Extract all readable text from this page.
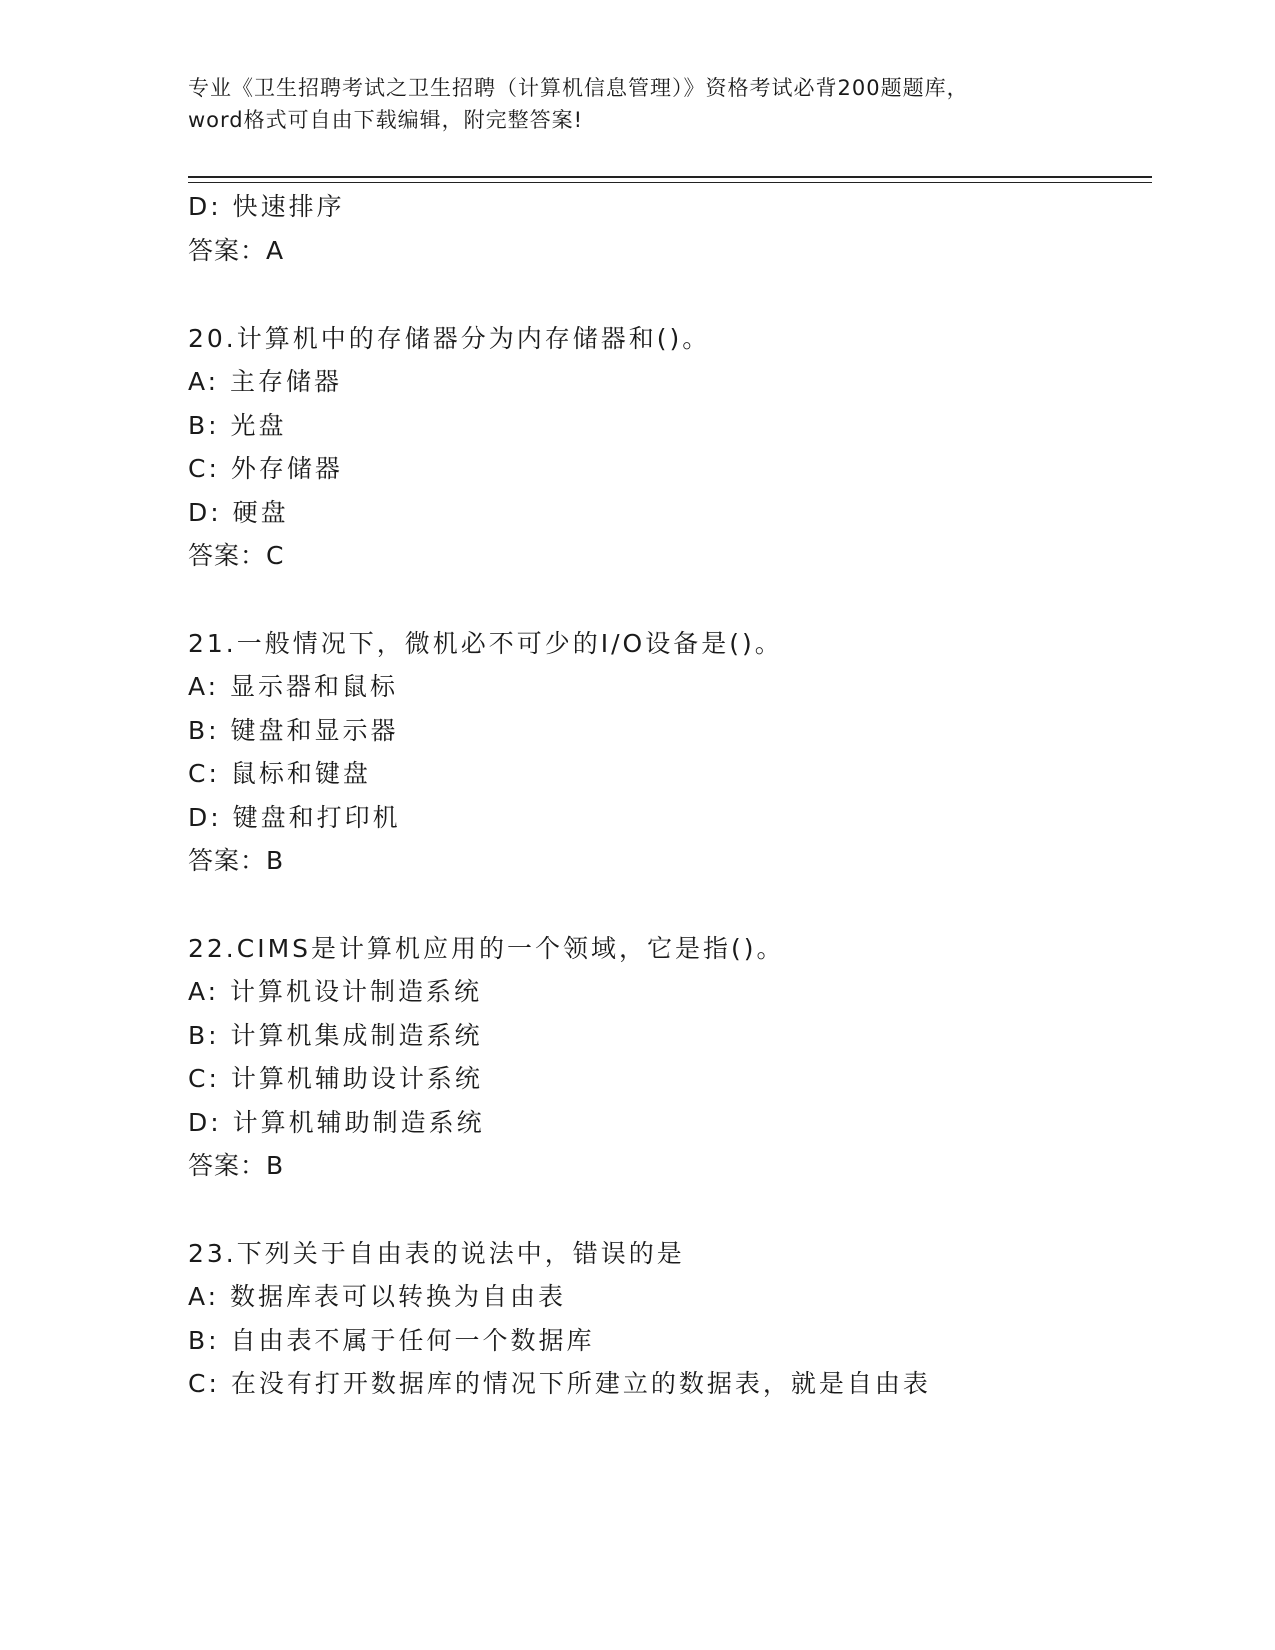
专业《卫生招聘考试之卫生招聘（计算机信息管理）》资格考试必背200题题库，
word格式可自由下载编辑，附完整答案!
D: 快速排序
答案：A
20.计算机中的存储器分为内存储器和()。
A: 主存储器
B: 光盘
C: 外存储器
D: 硬盘
答案：C
21.一般情况下，微机必不可少的I/O设备是()。
A: 显示器和鼠标
B: 键盘和显示器
C: 鼠标和键盘
D: 键盘和打印机
答案：B
22.CIMS是计算机应用的一个领域，它是指()。
A: 计算机设计制造系统
B: 计算机集成制造系统
C: 计算机辅助设计系统
D: 计算机辅助制造系统
答案：B
23.下列关于自由表的说法中，错误的是
A: 数据库表可以转换为自由表
B: 自由表不属于任何一个数据库
C: 在没有打开数据库的情况下所建立的数据表，就是自由表
